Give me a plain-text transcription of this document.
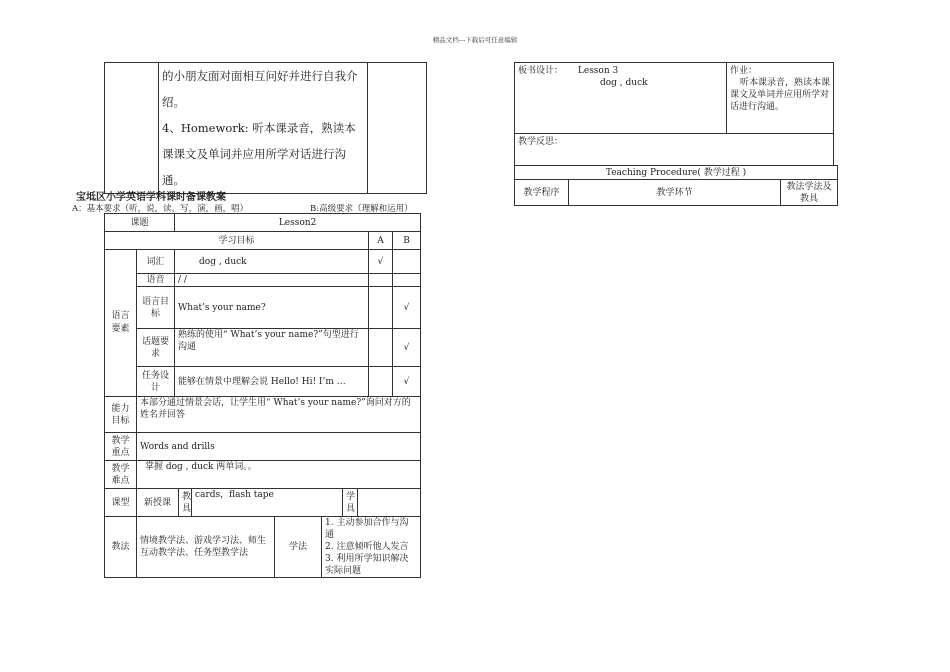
精品文档---下载后可任意编辑

的小朋友面对面相互问好并进行自我介绍。
4、Homework: 听本课录音，熟读本课课文及单词并应用所学对话进行沟通。

宝坻区小学英语学科课时备课教案
A：基本要求（听，说，读，写，演，画，唱）	B:高级要求（理解和运用）
课题		Lesson2								
学习目标									A	B
语言要素	词汇	dog , duck							√	
	语音	/ /								
	语言目标	What’s your name?								√
	话题要求	熟练的使用“ What’s your name?”句型进行沟通								√
	任务设计	能够在情景中理解会说 Hello! Hi! I’m …								√
能力目标	本部分通过情景会话，让学生用“ What’s your name?”询问对方的姓名并回答									
教学重点	Words and drills									
教学难点	掌握 dog , duck 两单词。。									
课型	新授课		教具	cards，flash tape			学具			
教法	情境教学法、游戏学习法、师生互动教学法、任务型教学法				学法	1. 主动参加合作与沟通
2. 注意倾听他人发言
3. 利用所学知识解决实际问题				
板书设计： Lesson 3
dog , duck

作业：
听本课录音，熟读本课课文及单词并应用所学对话进行沟通。

教学反思：
Teaching Procedure( 教学过程 )
教学程序	教学环节	教法学法及教具
